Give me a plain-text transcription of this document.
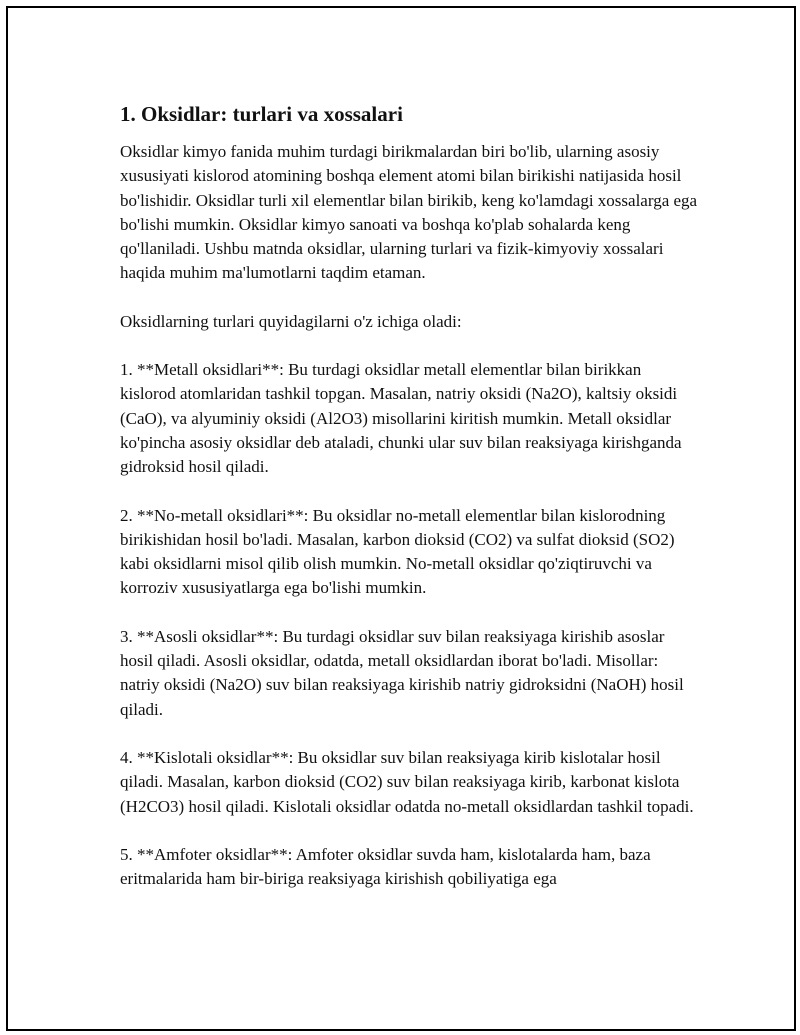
1. Oksidlar: turlari va xossalari

Oksidlar kimyo fanida muhim turdagi birikmalardan biri bo'lib, ularning asosiy xususiyati kislorod atomining boshqa element atomi bilan birikishi natijasida hosil bo'lishidir. Oksidlar turli xil elementlar bilan birikib, keng ko'lamdagi xossalarga ega bo'lishi mumkin. Oksidlar kimyo sanoati va boshqa ko'plab sohalarda keng qo'llaniladi. Ushbu matnda oksidlar, ularning turlari va fizik-kimyoviy xossalari haqida muhim ma'lumotlarni taqdim etaman.

Oksidlarning turlari quyidagilarni o'z ichiga oladi:

1. **Metall oksidlari**: Bu turdagi oksidlar metall elementlar bilan birikkan kislorod atomlaridan tashkil topgan. Masalan, natriy oksidi (Na2O), kaltsiy oksidi (CaO), va alyuminiy oksidi (Al2O3) misollarini kiritish mumkin. Metall oksidlar ko'pincha asosiy oksidlar deb ataladi, chunki ular suv bilan reaksiyaga kirishganda gidroksid hosil qiladi.

2. **No-metall oksidlari**: Bu oksidlar no-metall elementlar bilan kislorodning birikishidan hosil bo'ladi. Masalan, karbon dioksid (CO2) va sulfat dioksid (SO2) kabi oksidlarni misol qilib olish mumkin. No-metall oksidlar qo'ziqtiruvchi va korroziv xususiyatlarga ega bo'lishi mumkin.

3. **Asosli oksidlar**: Bu turdagi oksidlar suv bilan reaksiyaga kirishib asoslar hosil qiladi. Asosli oksidlar, odatda, metall oksidlardan iborat bo'ladi. Misollar: natriy oksidi (Na2O) suv bilan reaksiyaga kirishib natriy gidroksidni (NaOH) hosil qiladi.

4. **Kislotali oksidlar**: Bu oksidlar suv bilan reaksiyaga kirib kislotalar hosil qiladi. Masalan, karbon dioksid (CO2) suv bilan reaksiyaga kirib, karbonat kislota (H2CO3) hosil qiladi. Kislotali oksidlar odatda no-metall oksidlardan tashkil topadi.

5. **Amfoter oksidlar**: Amfoter oksidlar suvda ham, kislotalarda ham, baza eritmalarida ham bir-biriga reaksiyaga kirishish qobiliyatiga ega
